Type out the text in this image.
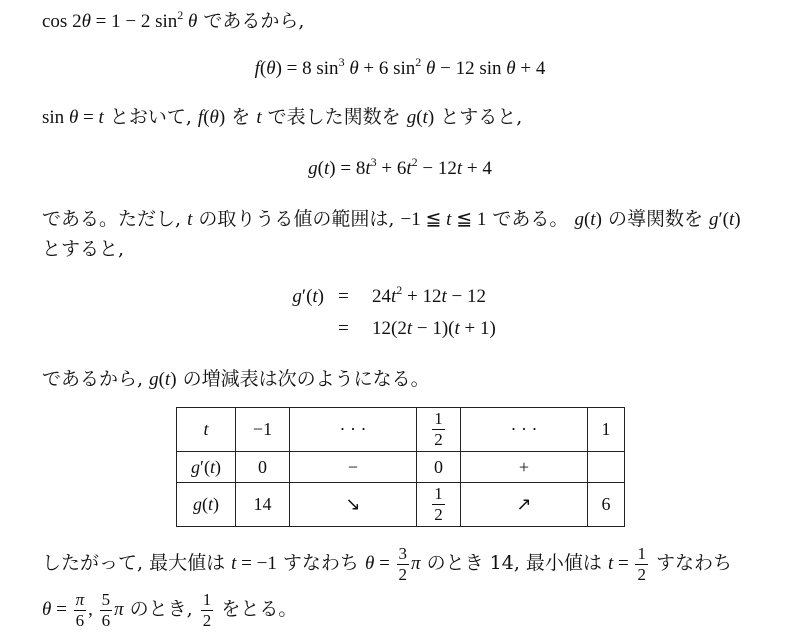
cos 2θ = 1 − 2 $\sin^2 \theta$ であるから,
f(θ) = 8 $\sin^3 \theta + 6$ $\sin^2 \theta - 12$ sin θ + 4
sin θ = t とおいて, f(θ) を t で表した関数を g(t) とすると,
$g(t) = 8t^3 + 6t^2 - 12t + 4$
である。ただし, t の取りうる値の範囲は, −1 ≦ t ≦ 1 である。 g(t) の導関数を g′(t)
とすると,
$g'(t) = 24t^2 + 12t - 12$
= 12(2t − 1)(t + 1)
であるから, g(t) の増減表は次のようになる。
t	−1	· · ·	$\frac{1}{2}$	· · ·	1
g′(t)	0	−	0	+	
g(t)	14	↘	$\frac{1}{2}$	↗	6
したがって, 最大値は t = −1 すなわち $\theta = \frac{3}{2}$ π のとき 14, 最小値は $t = \frac{1}{2}$ すなわち
$\theta = \frac{\pi}{6}$ , $\frac{5}{6}$ π のとき, $\frac{1}{2}$ をとる。
